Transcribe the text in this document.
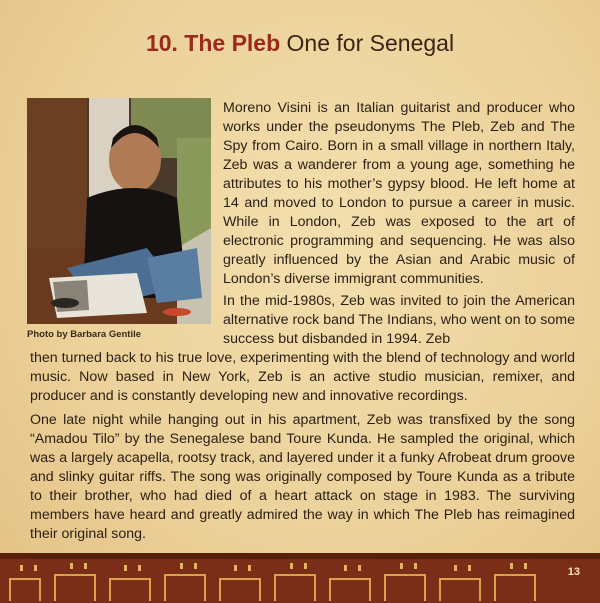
10. The Pleb One for Senegal
Photo by Barbara Gentile
Moreno Visini is an Italian guitarist and producer who works under the pseudonyms The Pleb, Zeb and The Spy from Cairo. Born in a small village in northern Italy, Zeb was a wanderer from a young age, something he attributes to his mother’s gypsy blood. He left home at 14 and moved to London to pursue a career in music. While in London, Zeb was exposed to the art of electronic programming and sequencing. He was also greatly influenced by the Asian and Arabic music of London’s diverse immigrant communities.
In the mid-1980s, Zeb was invited to join the American alternative rock band The Indians, who went on to some success but disbanded in 1994. Zeb
then turned back to his true love, experimenting with the blend of technology and world music. Now based in New York, Zeb is an active studio musician, remixer, and producer and is constantly developing new and innovative recordings.
One late night while hanging out in his apartment, Zeb was transfixed by the song “Amadou Tilo” by the Senegalese band Toure Kunda. He sampled the original, which was a largely acapella, rootsy track, and layered under it a funky Afrobeat drum groove and slinky guitar riffs. The song was originally composed by Toure Kunda as a tribute to their brother, who had died of a heart attack on stage in 1983. The surviving members have heard and greatly admired the way in which The Pleb has reimagined their original song.
13
